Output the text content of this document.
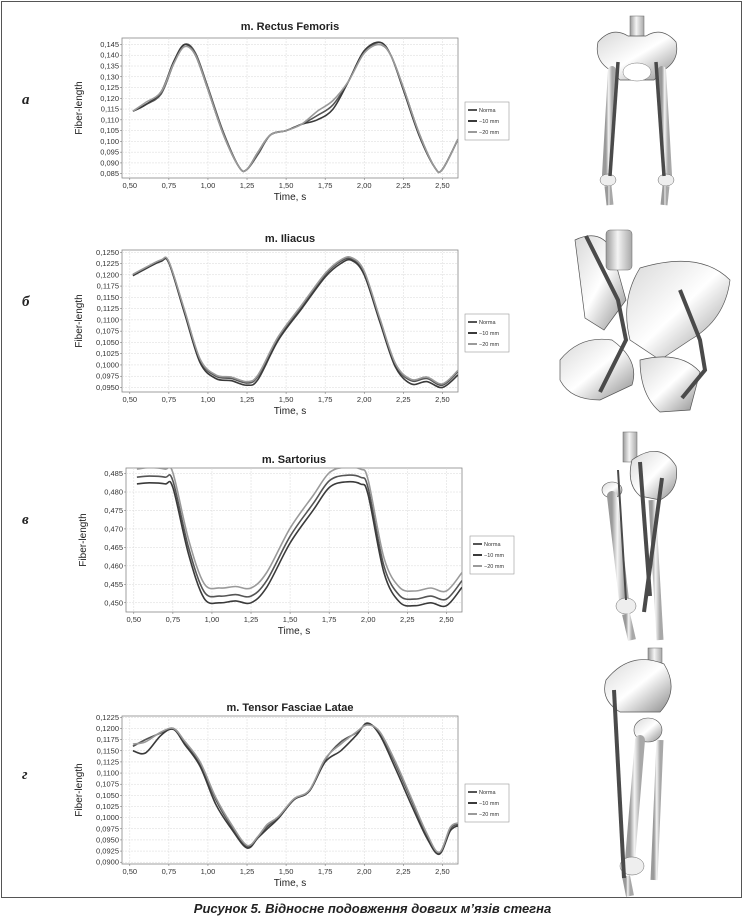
а
б
в
г
m. Rectus Femoris
0,145
0,140
0,135
0,130
0,125
0,120
0,115
0,110
0,105
0,100
0,095
0,090
0,085
0,50	0,75	1,00	1,25	1,50	1,75	2,00	2,25	2,50
Time, s
Fiber-length	Norma
−10 mm
−20 mm
m. Iliacus
0,1250
0,1225
0,1200
0,1175
0,1150
0,1125
0,1100
0,1075
0,1050
0,1025
0,1000
0,0975
0,0950
0,50	0,75	1,00	1,25	1,50	1,75	2,00	2,25	2,50
Time, s
Fiber-length	Norma
−10 mm
−20 mm
m. Sartorius
0,485
0,480
0,475
0,470
0,465
0,460
0,455
0,450
0,50	0,75	1,00	1,25	1,50	1,75	2,00	2,25	2,50
Time, s
Fiber-length	Norma
−10 mm
−20 mm
m. Tensor Fasciae Latae
0,1225
0,1200
0,1175
0,1150
0,1125
0,1100
0,1075
0,1050
0,1025
0,1000
0,0975
0,0950
0,0925
0,0900
0,50	0,75	1,00	1,25	1,50	1,75	2,00	2,25	2,50
Time, s
Fiber-length	Norma
−10 mm
−20 mm
Рисунок 5. Відносне подовження довгих м’язів стегна
